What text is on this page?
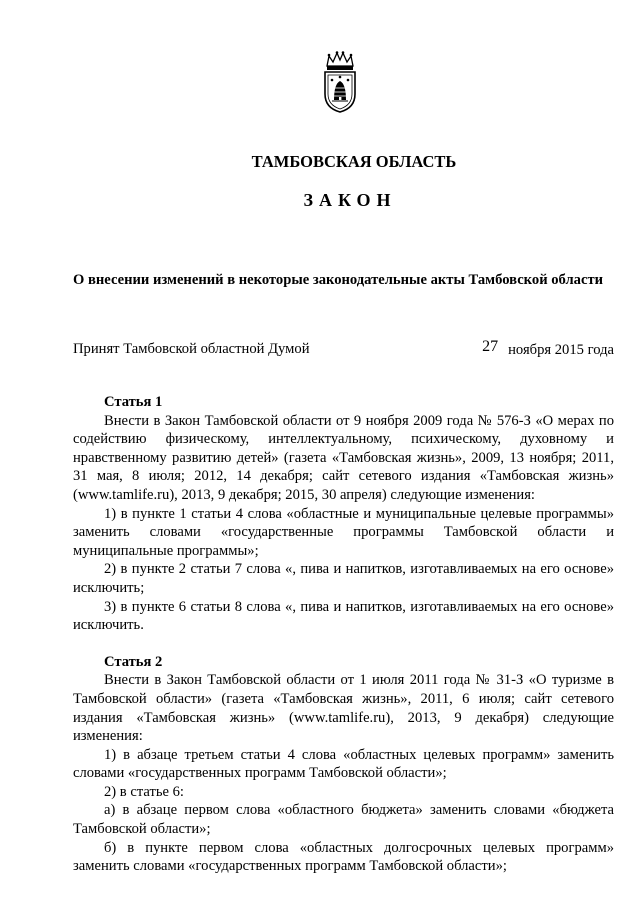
ТАМБОВСКАЯ ОБЛАСТЬ
ЗАКОН
О внесении изменений в некоторые законодательные акты Тамбовской области
Принят Тамбовской областной Думой	27 ноября 2015 года

Статья 1

Внести в Закон Тамбовской области от 9 ноября 2009 года № 576-З «О мерах по содействию физическому, интеллектуальному, психическому, духовному и нравственному развитию детей» (газета «Тамбовская жизнь», 2009, 13 ноября; 2011, 31 мая, 8 июля; 2012, 14 декабря; сайт сетевого издания «Тамбовская жизнь» (www.tamlife.ru), 2013, 9 декабря; 2015, 30 апреля) следующие изменения:

1) в пункте 1 статьи 4 слова «областные и муниципальные целевые программы» заменить словами «государственные программы Тамбовской области и муниципальные программы»;

2) в пункте 2 статьи 7 слова «, пива и напитков, изготавливаемых на его основе» исключить;

3) в пункте 6 статьи 8 слова «, пива и напитков, изготавливаемых на его основе» исключить.

Статья 2

Внести в Закон Тамбовской области от 1 июля 2011 года № 31-З «О туризме в Тамбовской области» (газета «Тамбовская жизнь», 2011, 6 июля; сайт сетевого издания «Тамбовская жизнь» (www.tamlife.ru), 2013, 9 декабря) следующие изменения:

1) в абзаце третьем статьи 4 слова «областных целевых программ» заменить словами «государственных программ Тамбовской области»;

2) в статье 6:

а) в абзаце первом слова «областного бюджета» заменить словами «бюджета Тамбовской области»;

б) в пункте первом слова «областных долгосрочных целевых программ» заменить словами «государственных программ Тамбовской области»;
